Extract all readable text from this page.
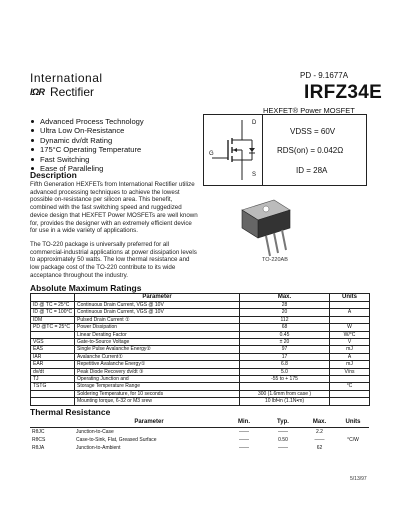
International
IΩR Rectifier
PD - 9.1677A
IRFZ34E
HEXFET® Power MOSFET
Advanced Process Technology
Ultra Low On-Resistance
Dynamic dv/dt Rating
175°C Operating Temperature
Fast Switching
Ease of Paralleling
Description
Fifth Generation HEXFETs from International Rectifier utilize advanced processing techniques to achieve the lowest possible on-resistance per silicon area. This benefit, combined with the fast switching speed and ruggedized device design that HEXFET Power MOSFETs are well known for, provides the designer with an extremely efficient device for use in a wide variety of applications.
The TO-220 package is universally preferred for all commercial-industrial applications at power dissipation levels to approximately 50 watts. The low thermal resistance and low package cost of the TO-220 contribute to its wide acceptance throughout the industry.
D
G
S
VDSS = 60V
RDS(on) = 0.042Ω
ID = 28A
TO-220AB
Absolute Maximum Ratings
	Parameter	Max.	Units
ID @ TC = 25°C	Continuous Drain Current, VGS @ 10V	28	
ID @ TC = 100°C	Continuous Drain Current, VGS @ 10V	20	A
IDM	Pulsed Drain Current ①	112	
PD @TC = 25°C	Power Dissipation	68	W
	Linear Derating Factor	0.45	W/°C
VGS	Gate-to-Source Voltage	± 20	V
EAS	Single Pulse Avalanche Energy②	97	mJ
IAR	Avalanche Current①	17	A
EAR	Repetitive Avalanche Energy①	6.8	mJ
dv/dt	Peak Diode Recovery dv/dt ③	5.0	V/ns
TJ	Operating Junction and	-55 to + 175	
TSTG	Storage Temperature Range		°C
	Soldering Temperature, for 10 seconds	300 (1.6mm from case )	
	Mounting torque, 6-32 or M3 srew	10 lbf•in (1.1N•m)	
Thermal Resistance
	Parameter	Min.	Typ.	Max.	Units
RθJC	Junction-to-Case	——	——	2.2	
RθCS	Case-to-Sink, Flat, Greased Surface	——	0.50	——	°C/W
RθJA	Junction-to-Ambient	——	——	62	
5/13/97
